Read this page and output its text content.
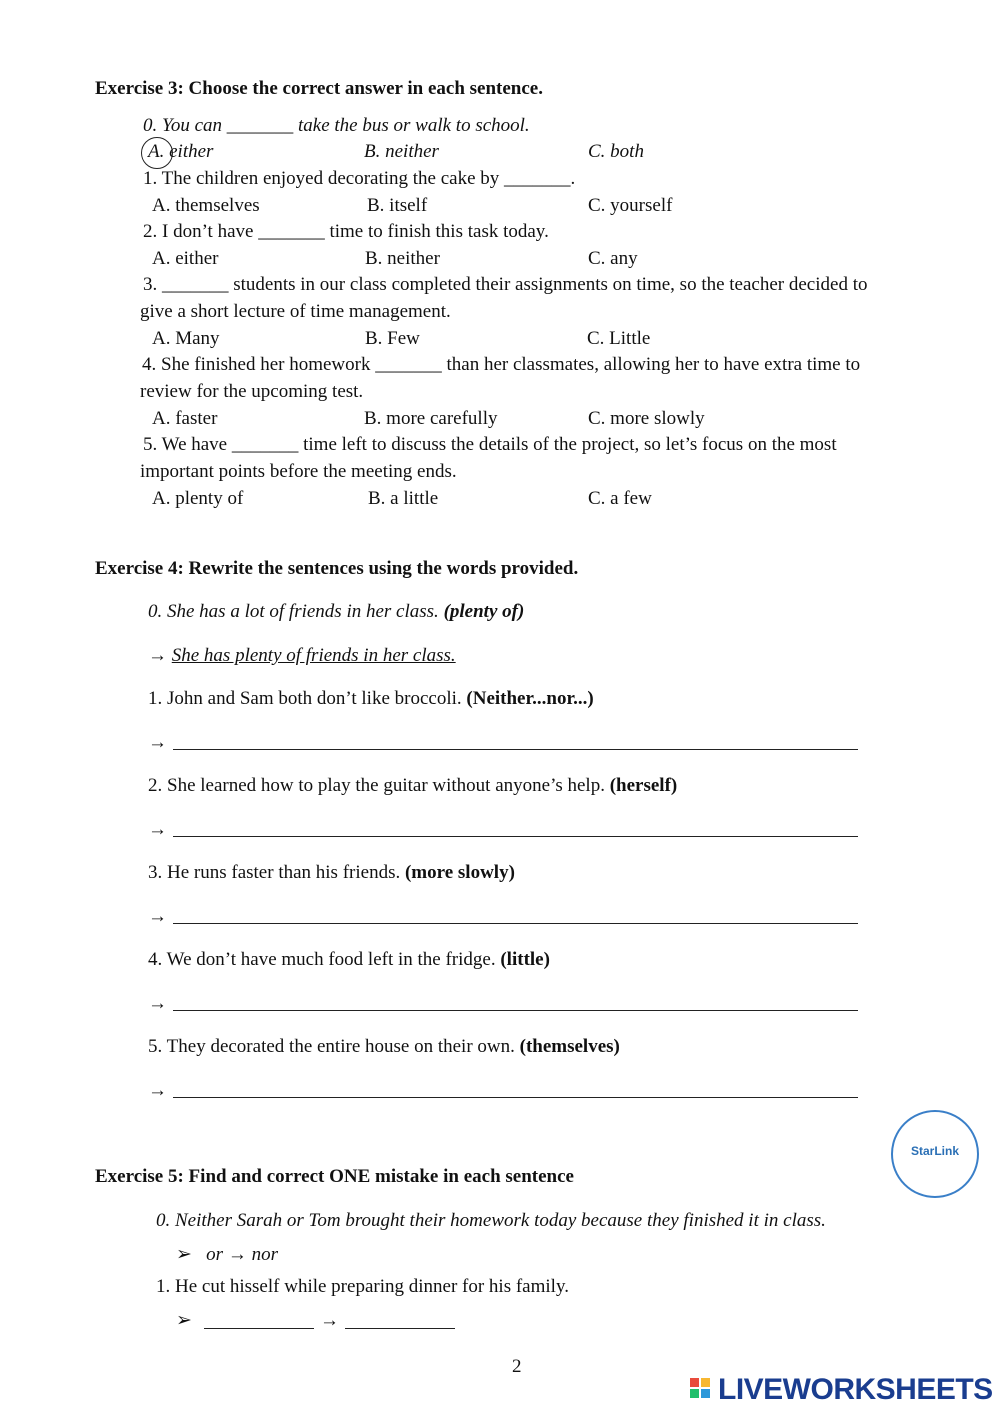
Exercise 3: Choose the correct answer in each sentence.
0. You can _______ take the bus or walk to school.
A. either	B. neither	C. both
1. The children enjoyed decorating the cake by _______.
A. themselves	B. itself	C. yourself
2. I don’t have _______ time to finish this task today.
A. either	B. neither	C. any
3. _______ students in our class completed their assignments on time, so the teacher decided to
give a short lecture of time management.
A. Many	B. Few	C. Little
4. She finished her homework _______ than her classmates, allowing her to have extra time to
review for the upcoming test.
A. faster	B. more carefully	C. more slowly
5. We have _______ time left to discuss the details of the project, so let’s focus on the most
important points before the meeting ends.
A. plenty of	B. a little	C. a few
Exercise 4: Rewrite the sentences using the words provided.
0. She has a lot of friends in her class. (plenty of)
→ She has plenty of friends in her class.
1. John and Sam both don’t like broccoli. (Neither...nor...)
→
2. She learned how to play the guitar without anyone’s help. (herself)
→
3. He runs faster than his friends. (more slowly)
→
4. We don’t have much food left in the fridge. (little)
→
5. They decorated the entire house on their own. (themselves)
→
StarLink
Exercise 5: Find and correct ONE mistake in each sentence
0. Neither Sarah or Tom brought their homework today because they finished it in class.
➢ or → nor
1. He cut hisself while preparing dinner for his family.
➢	→
2
LIVEWORKSHEETS
